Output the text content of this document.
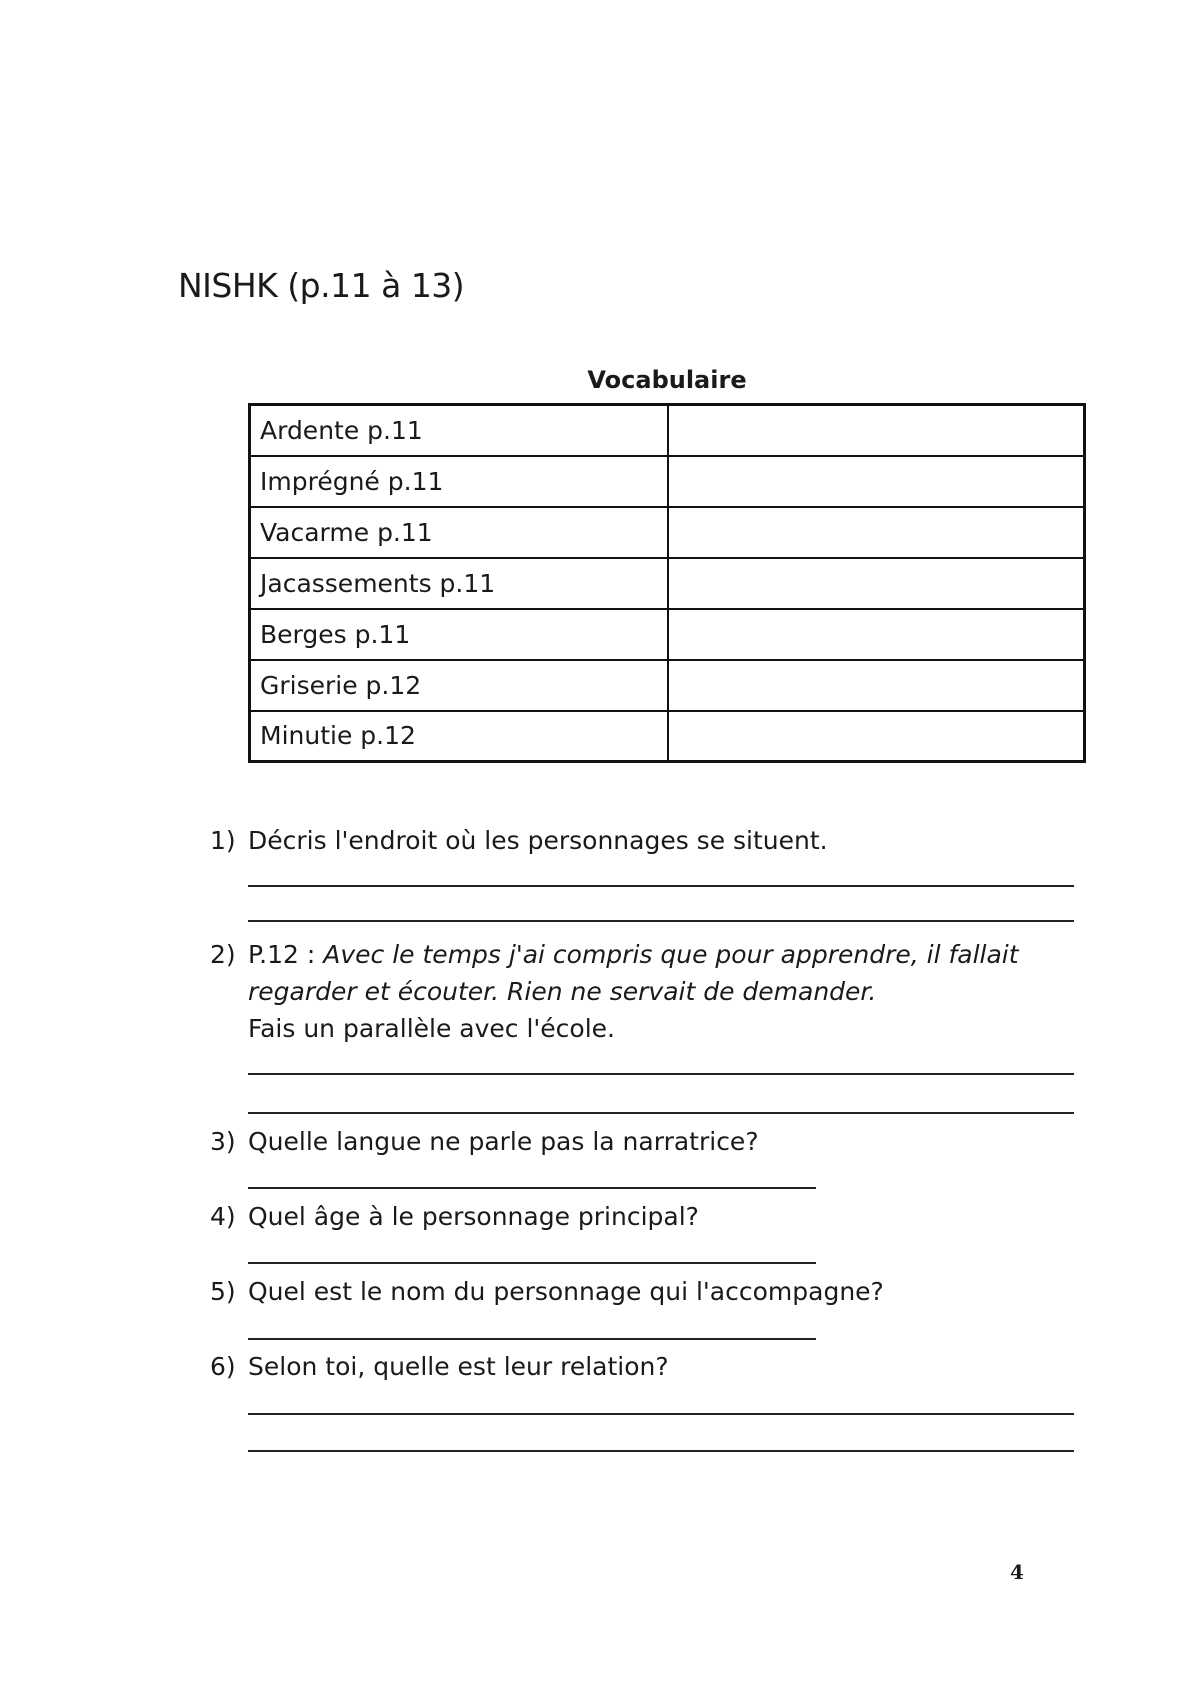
NISHK (p.11 à 13)
Vocabulaire
Ardente p.11	
Imprégné p.11	
Vacarme p.11	
Jacassements p.11	
Berges p.11	
Griserie p.12	
Minutie p.12	
1) Décris l'endroit où les personnages se situent.
2) P.12 : Avec le temps j'ai compris que pour apprendre, il fallait
regarder et écouter. Rien ne servait de demander.
Fais un parallèle avec l'école.
3) Quelle langue ne parle pas la narratrice?
4) Quel âge à le personnage principal?
5) Quel est le nom du personnage qui l'accompagne?
6) Selon toi, quelle est leur relation?
4
